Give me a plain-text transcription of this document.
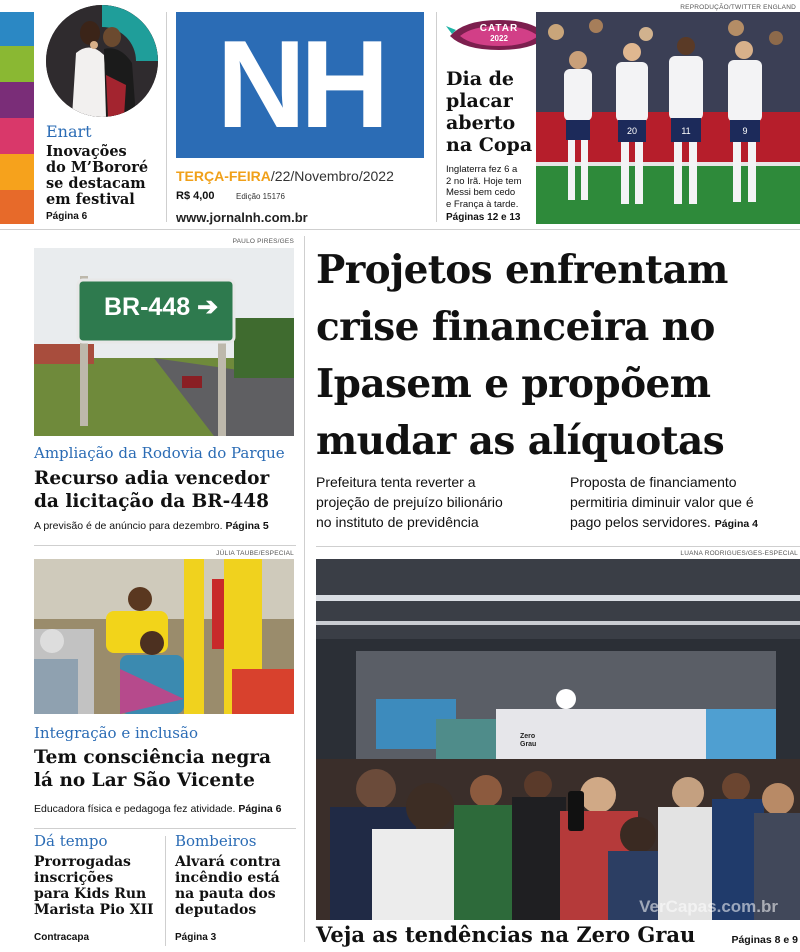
Enart
Inovações
do M’Bororé
se destacam
em festival
Página 6
NH
TERÇA-FEIRA/22/Novembro/2022
R$ 4,00	Edição 15176
www.jornalnh.com.br
REPRODUÇÃO/TWITTER ENGLAND
CATAR
2022
Dia de
placar
aberto
na Copa
Inglaterra fez 6 a
2 no Irã. Hoje tem
Messi bem cedo
e França à tarde.
Páginas 12 e 13
20	11	9
PAULO PIRES/GES
BR-448 ➔
Ampliação da Rodovia do Parque
Recurso adia vencedor
da licitação da BR-448
A previsão é de anúncio para dezembro. Página 5
Projetos enfrentam
crise financeira no
Ipasem e propõem
mudar as alíquotas
Prefeitura tenta reverter a
projeção de prejuízo bilionário
no instituto de previdência
Proposta de financiamento
permitiria diminuir valor que é
pago pelos servidores. Página 4
JÚLIA TAUBE/ESPECIAL
Integração e inclusão
Tem consciência negra
lá no Lar São Vicente
Educadora física e pedagoga fez atividade. Página 6
LUANA RODRIGUES/GES-ESPECIAL
Zero Grau
Veja as tendências na Zero Grau	Páginas 8 e 9
VerCapas.com.br
Dá tempo
Prorrogadas
inscrições
para Kids Run
Marista Pio XII
Contracapa
Bombeiros
Alvará contra
incêndio está
na pauta dos
deputados
Página 3
